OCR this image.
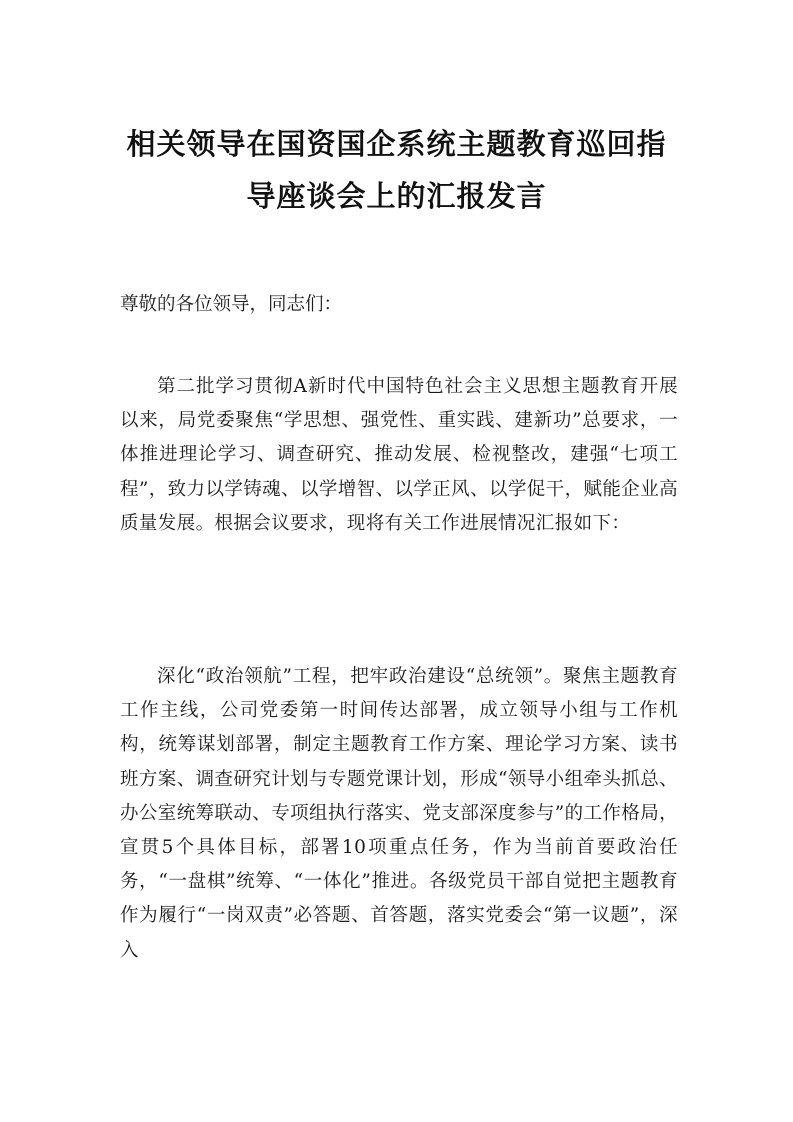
相关领导在国资国企系统主题教育巡回指
导座谈会上的汇报发言
尊敬的各位领导，同志们：

第二批学习贯彻A新时代中国特色社会主义思想主题教育开展以来，局党委聚焦“学思想、强党性、重实践、建新功”总要求，一体推进理论学习、调查研究、推动发展、检视整改，建强“七项工程”，致力以学铸魂、以学增智、以学正风、以学促干，赋能企业高质量发展。根据会议要求，现将有关工作进展情况汇报如下：

深化“政治领航”工程，把牢政治建设“总统领”。聚焦主题教育工作主线，公司党委第一时间传达部署，成立领导小组与工作机构，统筹谋划部署，制定主题教育工作方案、理论学习方案、读书班方案、调查研究计划与专题党课计划，形成“领导小组牵头抓总、办公室统筹联动、专项组执行落实、党支部深度参与”的工作格局，宣贯5个具体目标，部署10项重点任务，作为当前首要政治任务，“一盘棋”统筹、“一体化”推进。各级党员干部自觉把主题教育作为履行“一岗双责”必答题、首答题，落实党委会“第一议题”，深入
